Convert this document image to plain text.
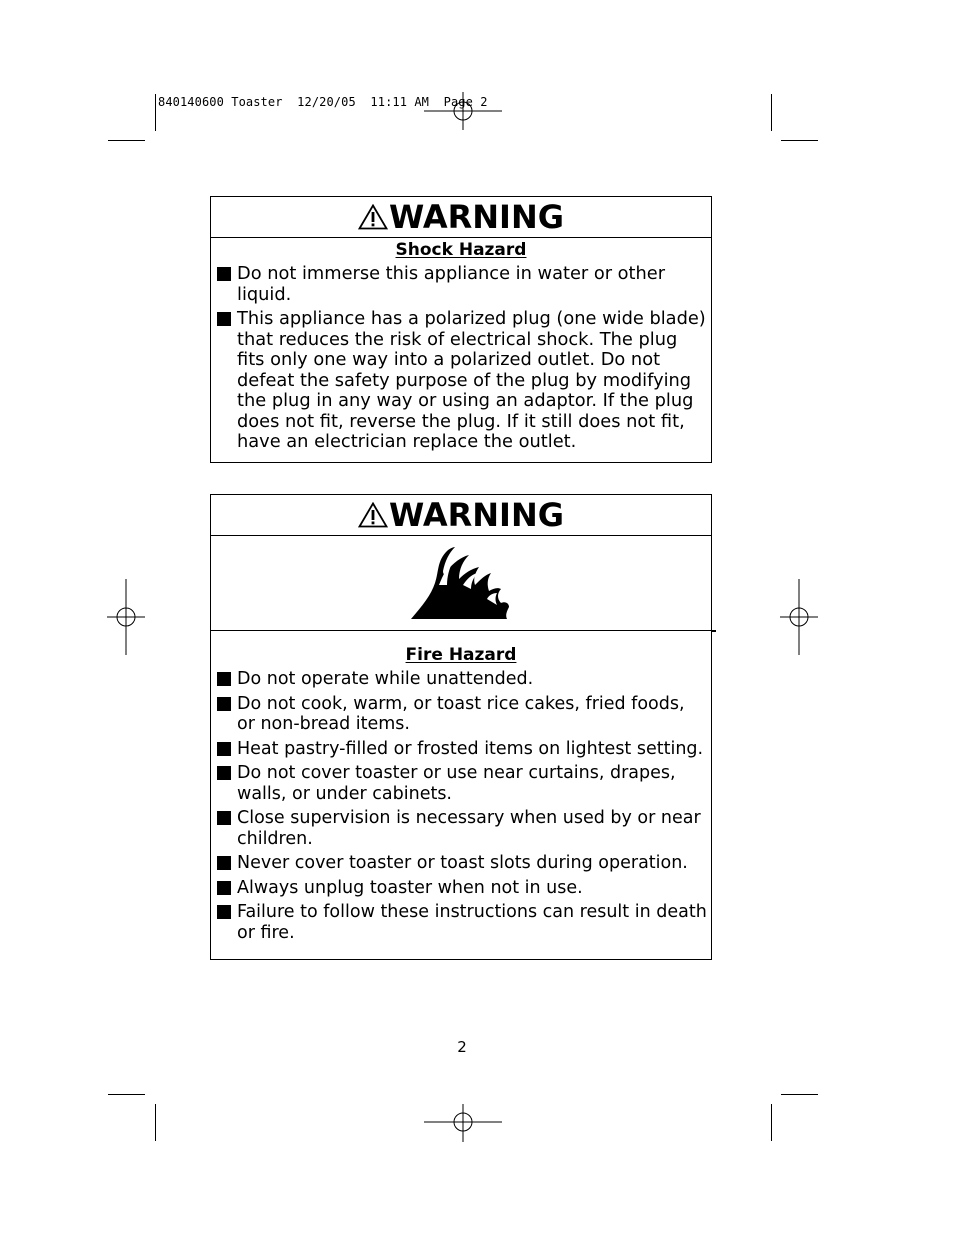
840140600 Toaster  12/20/05  11:11 AM  Page 2
WARNING
Shock Hazard
Do not immerse this appliance in water or other liquid.
This appliance has a polarized plug (one wide blade) that reduces the risk of electrical shock. The plug fits only one way into a polarized outlet. Do not defeat the safety purpose of the plug by modifying the plug in any way or using an adaptor. If the plug does not fit, reverse the plug. If it still does not fit, have an electrician replace the outlet.
WARNING
Fire Hazard
Do not operate while unattended.
Do not cook, warm, or toast rice cakes, fried foods, or non-bread items.
Heat pastry-filled or frosted items on lightest setting.
Do not cover toaster or use near curtains, drapes, walls, or under cabinets.
Close supervision is necessary when used by or near children.
Never cover toaster or toast slots during operation.
Always unplug toaster when not in use.
Failure to follow these instructions can result in death or fire.
2
